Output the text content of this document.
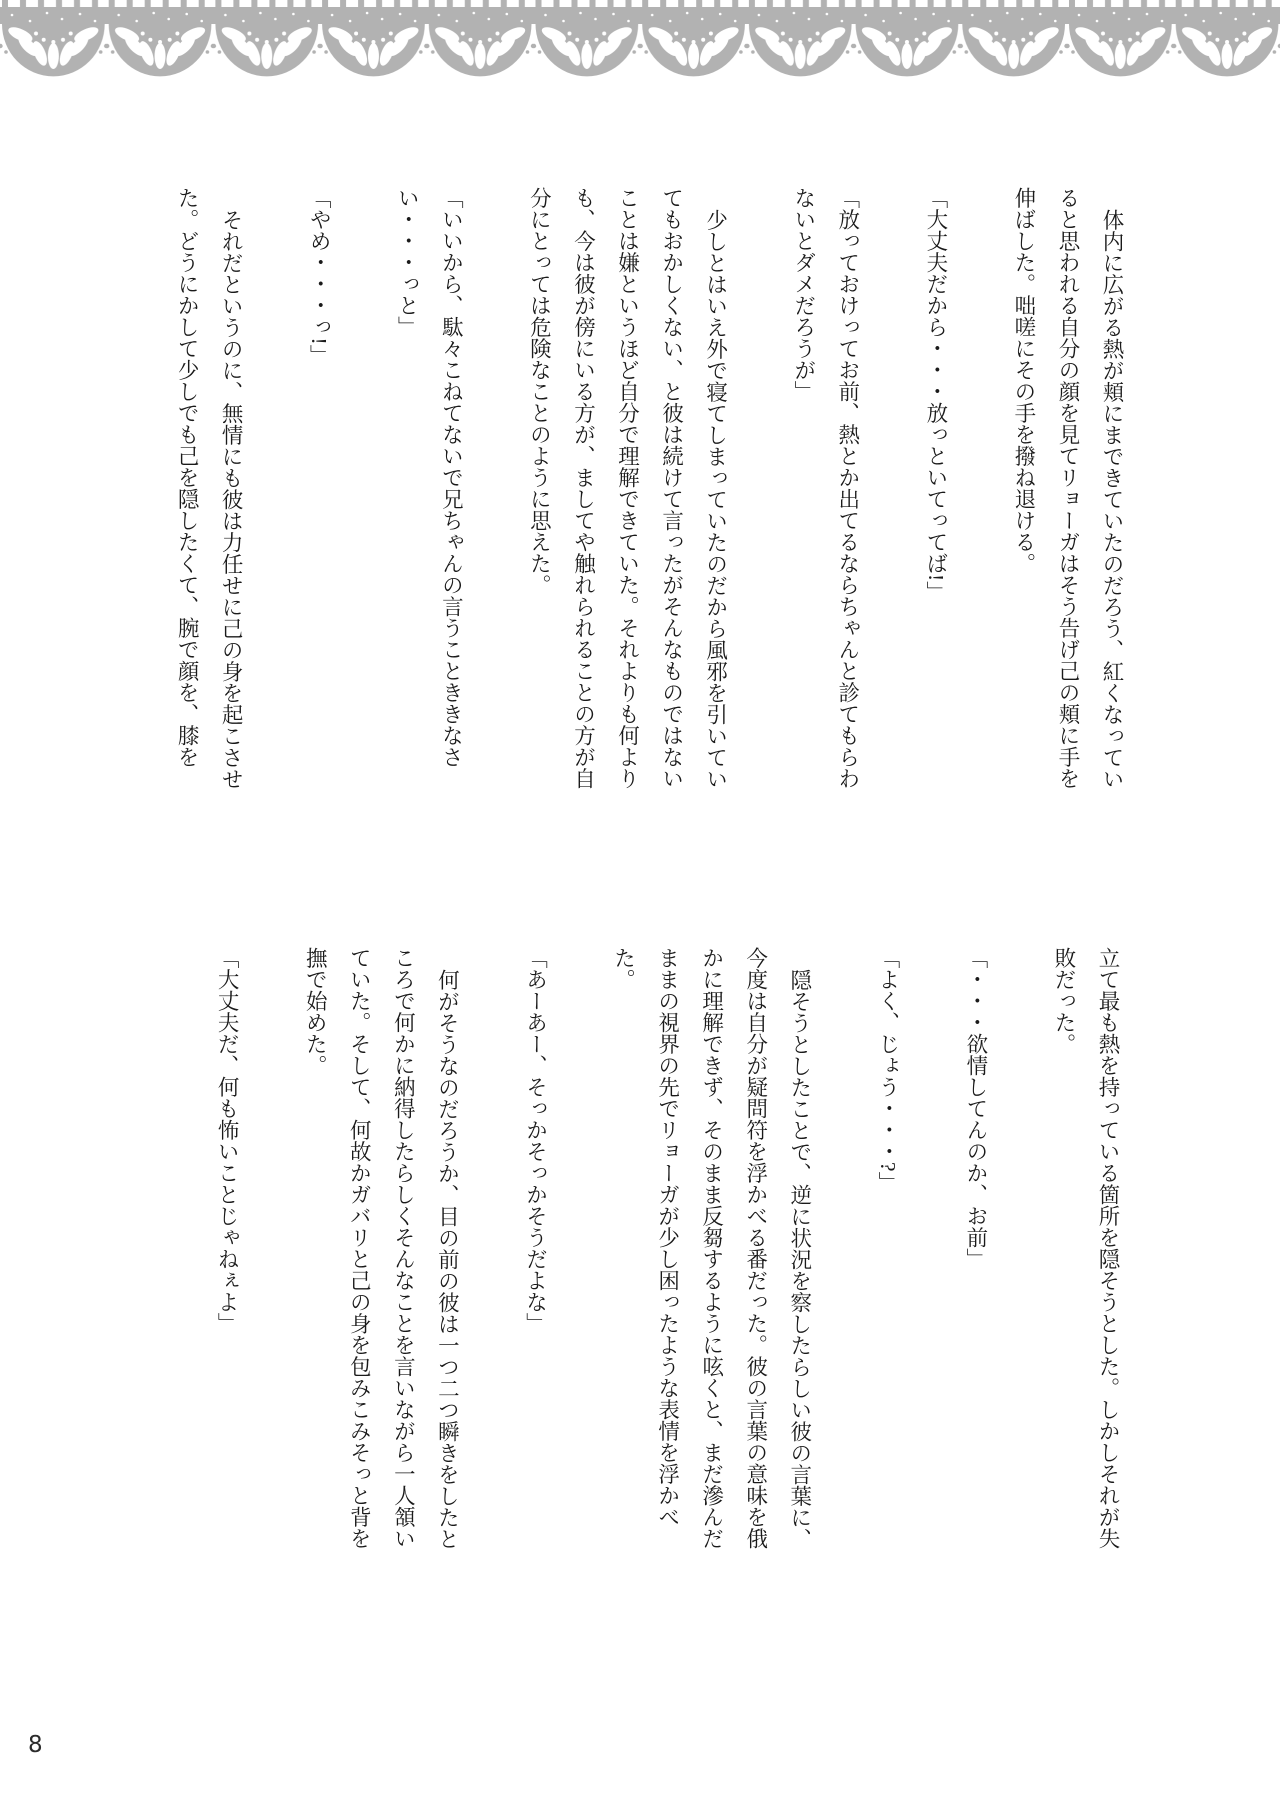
体内に広がる熱が頬にまできていたのだろう、紅くなっていると思われる自分の顔を見てリョーガはそう告げ己の頬に手を伸ばした。咄嗟にその手を撥ね退ける。

「大丈夫だから・・・放っといてってば!」

「放っておけってお前、熱とか出てるならちゃんと診てもらわないとダメだろうが」

少しとはいえ外で寝てしまっていたのだから風邪を引いていてもおかしくない、と彼は続けて言ったがそんなものではないことは嫌というほど自分で理解できていた。それよりも何よりも、今は彼が傍にいる方が、ましてや触れられることの方が自分にとっては危険なことのように思えた。

「いいから、駄々こねてないで兄ちゃんの言うことききなさい・・・っと」

「やめ・・・っ!」

それだというのに、無情にも彼は力任せに己の身を起こさせた。どうにかして少しでも己を隠したくて、腕で顔を、膝を

立て最も熱を持っている箇所を隠そうとした。しかしそれが失敗だった。

「・・・欲情してんのか、お前」

「よく、じょう・・・?」

隠そうとしたことで、逆に状況を察したらしい彼の言葉に、今度は自分が疑問符を浮かべる番だった。彼の言葉の意味を俄かに理解できず、そのまま反芻するように呟くと、まだ滲んだままの視界の先でリョーガが少し困ったような表情を浮かべた。

「あーあー、そっかそっかそうだよな」

何がそうなのだろうか、目の前の彼は一つ二つ瞬きをしたところで何かに納得したらしくそんなことを言いながら一人頷いていた。そして、何故かガバリと己の身を包みこみそっと背を撫で始めた。

「大丈夫だ、何も怖いことじゃねぇよ」

8
